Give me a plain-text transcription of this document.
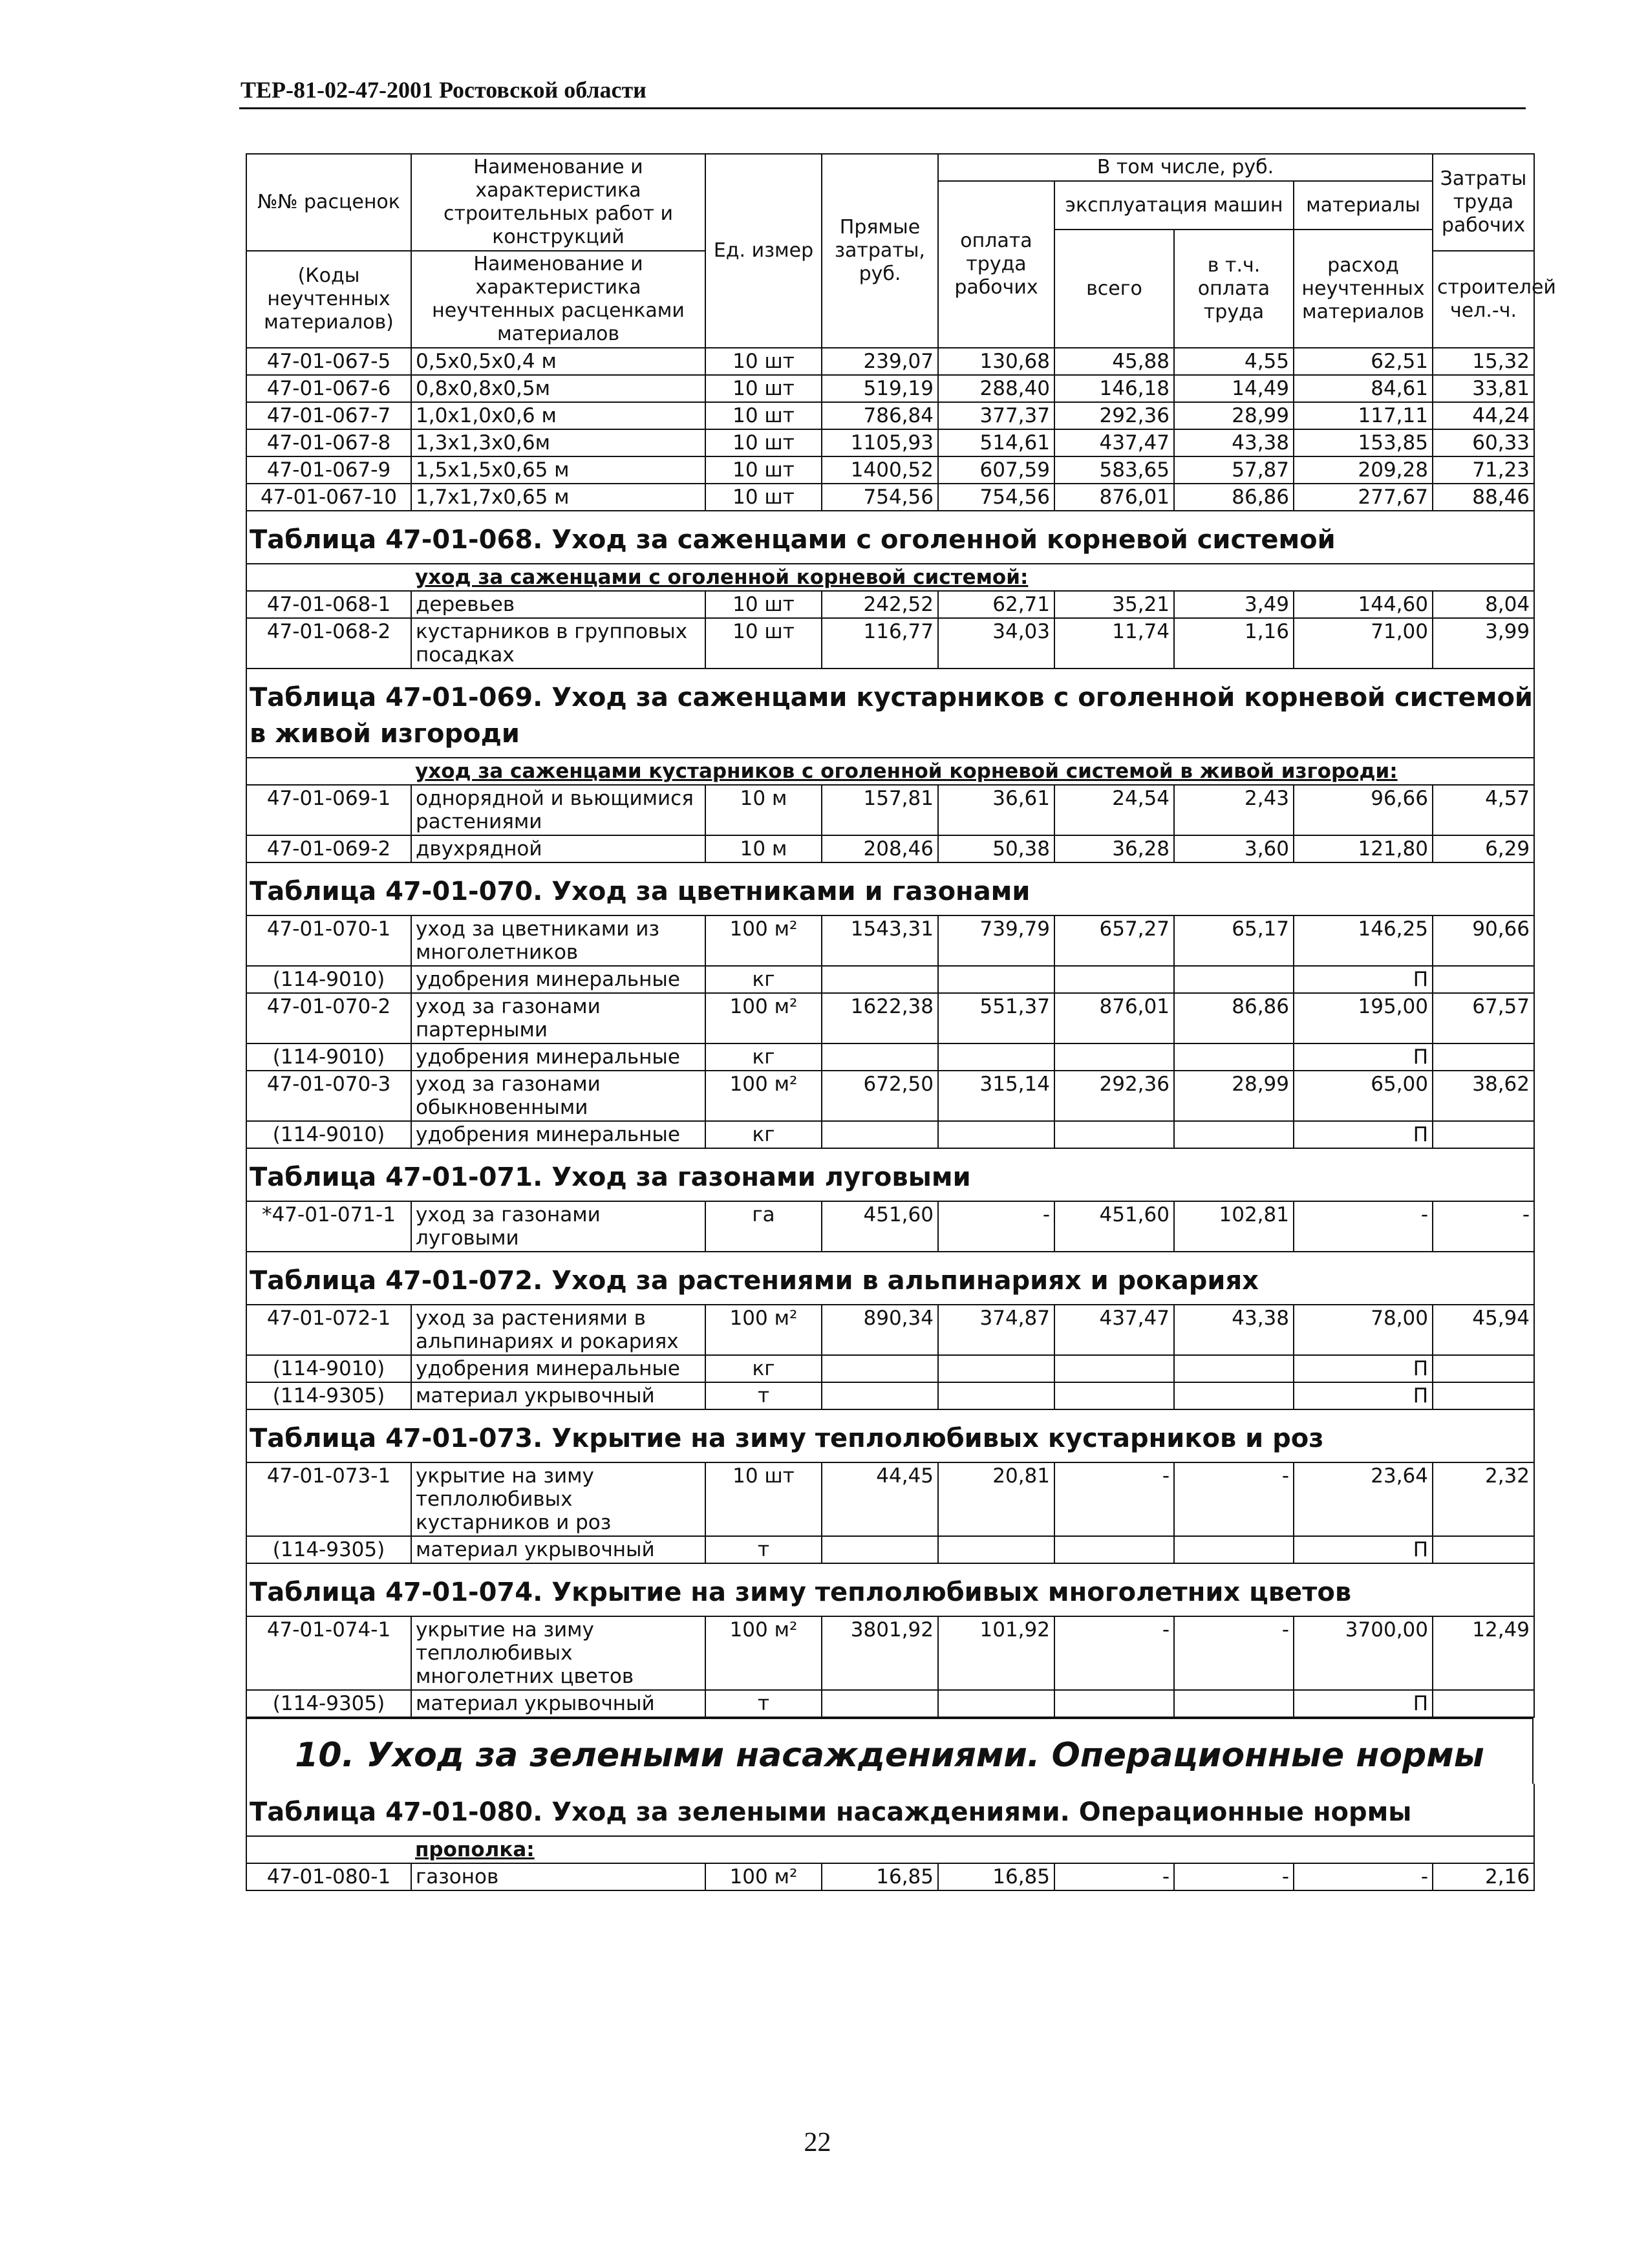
ТЕР-81-02-47-2001 Ростовской области
№№ расценок	Наименование и характеристика строительных работ и конструкций	Ед. измер	Прямые затраты, руб.	В том числе, руб.				Затраты труда рабочих
				оплата труда рабочих	эксплуатация машин		материалы	
					всего	в т.ч. оплата труда	расход неучтенных материалов	
(Коды неучтенных материалов)	Наименование и характеристика неучтенных расценками материалов							строителей чел.-ч.

47-01-067-5	0,5х0,5х0,4 м	10 шт	239,07	130,68	45,88	4,55	62,51	15,32
47-01-067-6	0,8х0,8х0,5м	10 шт	519,19	288,40	146,18	14,49	84,61	33,81
47-01-067-7	1,0х1,0х0,6 м	10 шт	786,84	377,37	292,36	28,99	117,11	44,24
47-01-067-8	1,3х1,3х0,6м	10 шт	1105,93	514,61	437,47	43,38	153,85	60,33
47-01-067-9	1,5х1,5х0,65 м	10 шт	1400,52	607,59	583,65	57,87	209,28	71,23
47-01-067-10	1,7х1,7х0,65 м	10 шт	754,56	754,56	876,01	86,86	277,67	88,46
Таблица 47-01-068. Уход за саженцами с оголенной корневой системой
	уход за саженцами с оголенной корневой системой:							
47-01-068-1	деревьев	10 шт	242,52	62,71	35,21	3,49	144,60	8,04
47-01-068-2	кустарников в групповых посадках	10 шт	116,77	34,03	11,74	1,16	71,00	3,99
Таблица 47-01-069. Уход за саженцами кустарников с оголенной корневой системой в живой изгороди
	уход за саженцами кустарников с оголенной корневой системой в живой изгороди:							
47-01-069-1	однорядной и вьющимися растениями	10 м	157,81	36,61	24,54	2,43	96,66	4,57
47-01-069-2	двухрядной	10 м	208,46	50,38	36,28	3,60	121,80	6,29
Таблица 47-01-070. Уход за цветниками и газонами
47-01-070-1	уход за цветниками из многолетников	100 м²	1543,31	739,79	657,27	65,17	146,25	90,66
(114-9010)	удобрения минеральные	кг					П	
47-01-070-2	уход за газонами партерными	100 м²	1622,38	551,37	876,01	86,86	195,00	67,57
(114-9010)	удобрения минеральные	кг					П	
47-01-070-3	уход за газонами обыкновенными	100 м²	672,50	315,14	292,36	28,99	65,00	38,62
(114-9010)	удобрения минеральные	кг					П	
Таблица 47-01-071. Уход за газонами луговыми
*47-01-071-1	уход за газонами луговыми	га	451,60	-	451,60	102,81	-	-
Таблица 47-01-072. Уход за растениями в альпинариях и рокариях
47-01-072-1	уход за растениями в альпинариях и рокариях	100 м²	890,34	374,87	437,47	43,38	78,00	45,94
(114-9010)	удобрения минеральные	кг					П	
(114-9305)	материал укрывочный	т					П	
Таблица 47-01-073. Укрытие на зиму теплолюбивых кустарников и роз
47-01-073-1	укрытие на зиму теплолюбивых кустарников и роз	10 шт	44,45	20,81	-	-	23,64	2,32
(114-9305)	материал укрывочный	т					П	
Таблица 47-01-074. Укрытие на зиму теплолюбивых многолетних цветов
47-01-074-1	укрытие на зиму теплолюбивых многолетних цветов	100 м²	3801,92	101,92	-	-	3700,00	12,49
(114-9305)	материал укрывочный	т					П	
10. Уход за зелеными насаждениями. Операционные нормы
Таблица 47-01-080. Уход за зелеными насаждениями. Операционные нормы
	прополка:							
47-01-080-1	газонов	100 м²	16,85	16,85	-	-	-	2,16
22
